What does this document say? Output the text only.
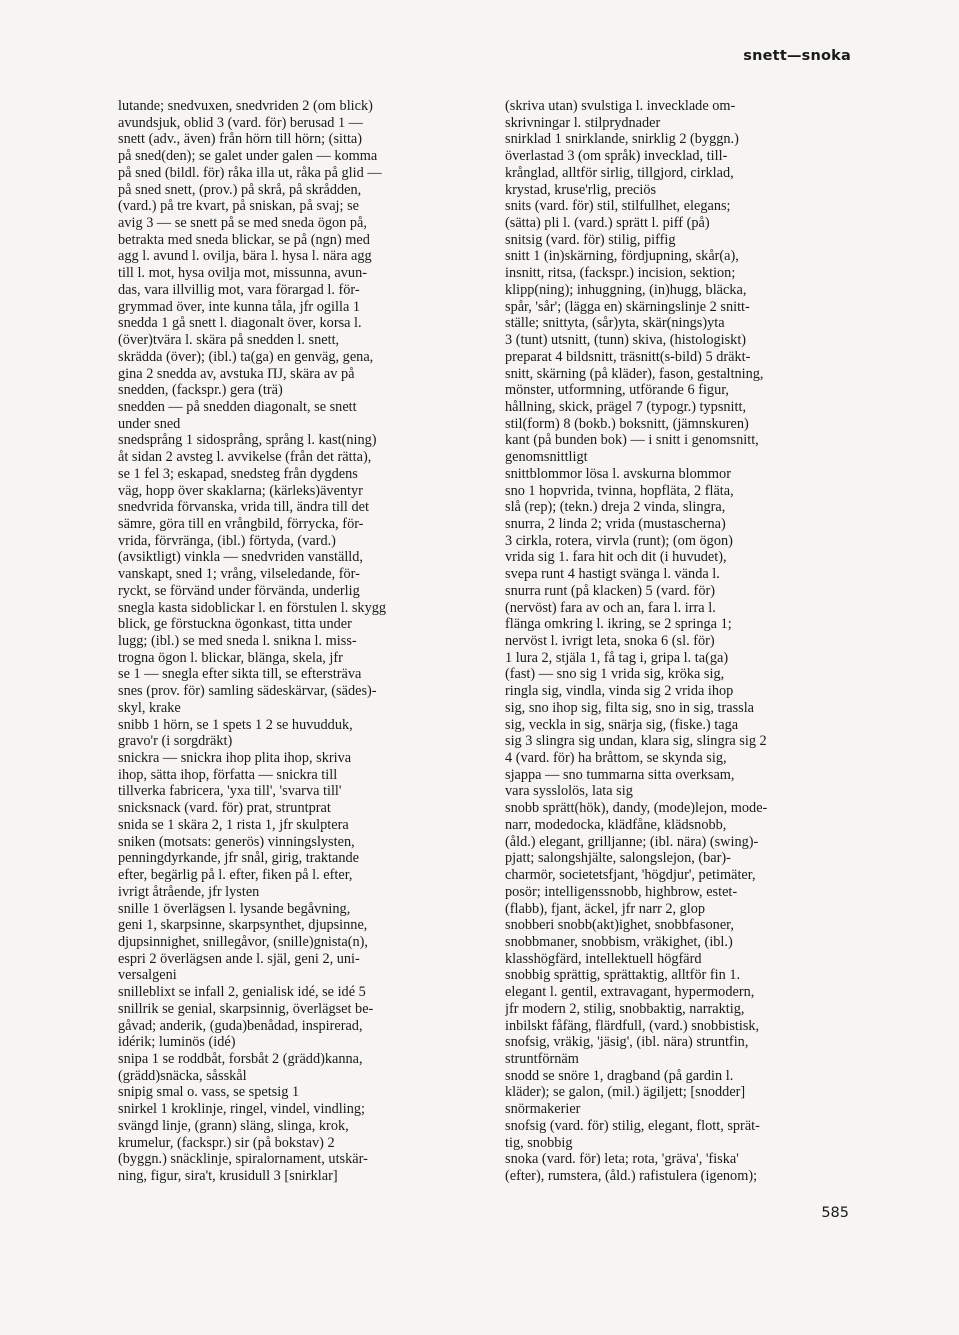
snett—snoka
lutande; snedvuxen, snedvriden 2 (om blick)
avundsjuk, oblid 3 (vard. för) berusad 1 —
snett (adv., även) från hörn till hörn; (sitta)
på sned(den); se galet under galen — komma
på sned (bildl. för) råka illa ut, råka på glid —
på sned snett, (prov.) på skrå, på skrådden,
(vard.) på tre kvart, på sniskan, på svaj; se
avig 3 — se snett på se med sneda ögon på,
betrakta med sneda blickar, se på (ngn) med
agg l. avund l. ovilja, bära l. hysa l. nära agg
till l. mot, hysa ovilja mot, missunna, avun-
das, vara illvillig mot, vara förargad l. för-
grymmad över, inte kunna tåla, jfr ogilla 1
snedda 1 gå snett l. diagonalt över, korsa l.
(över)tvära l. skära på snedden l. snett,
skrädda (över); (ibl.) ta(ga) en genväg, gena,
gina 2 snedda av, avstuka ПJ, skära av på
snedden, (fackspr.) gera (trä)
snedden — på snedden diagonalt, se snett
under sned
snedsprång 1 sidosprång, språng l. kast(ning)
åt sidan 2 avsteg l. avvikelse (från det rätta),
se 1 fel 3; eskapad, snedsteg från dygdens
väg, hopp över skaklarna; (kärleks)äventyr
snedvrida förvanska, vrida till, ändra till det
sämre, göra till en vrångbild, förrycka, för-
vrida, förvränga, (ibl.) förtyda, (vard.)
(avsiktligt) vinkla — snedvriden vanställd,
vanskapt, sned 1; vrång, vilseledande, för-
ryckt, se förvänd under förvända, underlig
snegla kasta sidoblickar l. en förstulen l. skygg
blick, ge förstuckna ögonkast, titta under
lugg; (ibl.) se med sneda l. snikna l. miss-
trogna ögon l. blickar, blänga, skela, jfr
se 1 — snegla efter sikta till, se eftersträva
snes (prov. för) samling sädeskärvar, (sädes)-
skyl, krake
snibb 1 hörn, se 1 spets 1 2 se huvudduk,
gravo'r (i sorgdräkt)
snickra — snickra ihop plita ihop, skriva
ihop, sätta ihop, författa — snickra till
tillverka fabricera, 'yxa till', 'svarva till'
snicksnack (vard. för) prat, struntprat
snida se 1 skära 2, 1 rista 1, jfr skulptera
sniken (motsats: generös) vinningslysten,
penningdyrkande, jfr snål, girig, traktande
efter, begärlig på l. efter, fiken på l. efter,
ivrigt åtrående, jfr lysten
snille 1 överlägsen l. lysande begåvning,
geni 1, skarpsinne, skarpsynthet, djupsinne,
djupsinnighet, snillegåvor, (snille)gnista(n),
espri 2 överlägsen ande l. själ, geni 2, uni-
versalgeni
snilleblixt se infall 2, genialisk idé, se idé 5
snillrik se genial, skarpsinnig, överlägset be-
gåvad; anderik, (guda)benådad, inspirerad,
idérik; luminös (idé)
snipa 1 se roddbåt, forsbåt 2 (grädd)kanna,
(grädd)snäcka, såsskål
snipig smal o. vass, se spetsig 1
snirkel 1 kroklinje, ringel, vindel, vindling;
svängd linje, (grann) släng, slinga, krok,
krumelur, (fackspr.) sir (på bokstav) 2
(byggn.) snäcklinje, spiralornament, utskär-
ning, figur, sira't, krusidull 3 [snirklar]
(skriva utan) svulstiga l. invecklade om-
skrivningar l. stilprydnader
snirklad 1 snirklande, snirklig 2 (byggn.)
överlastad 3 (om språk) invecklad, till-
krånglad, alltför sirlig, tillgjord, cirklad,
krystad, kruse'rlig, preciös
snits (vard. för) stil, stilfullhet, elegans;
(sätta) pli l. (vard.) sprätt l. piff (på)
snitsig (vard. för) stilig, piffig
snitt 1 (in)skärning, fördjupning, skår(a),
insnitt, ritsa, (fackspr.) incision, sektion;
klipp(ning); inhuggning, (in)hugg, bläcka,
spår, 'sår'; (lägga en) skärningslinje 2 snitt-
ställe; snittyta, (sår)yta, skär(nings)yta
3 (tunt) utsnitt, (tunn) skiva, (histologiskt)
preparat 4 bildsnitt, träsnitt(s-bild) 5 dräkt-
snitt, skärning (på kläder), fason, gestaltning,
mönster, utformning, utförande 6 figur,
hållning, skick, prägel 7 (typogr.) typsnitt,
stil(form) 8 (bokb.) boksnitt, (jämnskuren)
kant (på bunden bok) — i snitt i genomsnitt,
genomsnittligt
snittblommor lösa l. avskurna blommor
sno 1 hopvrida, tvinna, hopfläta, 2 fläta,
slå (rep); (tekn.) dreja 2 vinda, slingra,
snurra, 2 linda 2; vrida (mustascherna)
3 cirkla, rotera, virvla (runt); (om ögon)
vrida sig 1. fara hit och dit (i huvudet),
svepa runt 4 hastigt svänga l. vända l.
snurra runt (på klacken) 5 (vard. för)
(nervöst) fara av och an, fara l. irra l.
flänga omkring l. ikring, se 2 springa 1;
nervöst l. ivrigt leta, snoka 6 (sl. för)
1 lura 2, stjäla 1, få tag i, gripa l. ta(ga)
(fast) — sno sig 1 vrida sig, kröka sig,
ringla sig, vindla, vinda sig 2 vrida ihop
sig, sno ihop sig, filta sig, sno in sig, trassla
sig, veckla in sig, snärja sig, (fiske.) taga
sig 3 slingra sig undan, klara sig, slingra sig 2
4 (vard. för) ha bråttom, se skynda sig,
sjappa — sno tummarna sitta overksam,
vara sysslolös, lata sig
snobb sprätt(hök), dandy, (mode)lejon, mode-
narr, modedocka, klädfåne, klädsnobb,
(åld.) elegant, grilljanne; (ibl. nära) (swing)-
pjatt; salongshjälte, salongslejon, (bar)-
charmör, societetsfjant, 'högdjur', petimäter,
posör; intelligenssnobb, highbrow, estet-
(flabb), fjant, äckel, jfr narr 2, glop
snobberi snobb(akt)ighet, snobbfasoner,
snobbmaner, snobbism, vräkighet, (ibl.)
klasshögfärd, intellektuell högfärd
snobbig sprättig, sprättaktig, alltför fin 1.
elegant l. gentil, extravagant, hypermodern,
jfr modern 2, stilig, snobbaktig, narraktig,
inbilskt fåfäng, flärdfull, (vard.) snobbistisk,
snofsig, vräkig, 'jäsig', (ibl. nära) struntfin,
struntförnäm
snodd se snöre 1, dragband (på gardin l.
kläder); se galon, (mil.) ägiljett; [snodder]
snörmakerier
snofsig (vard. för) stilig, elegant, flott, sprät-
tig, snobbig
snoka (vard. för) leta; rota, 'gräva', 'fiska'
(efter), rumstera, (åld.) rafistulera (igenom);
585
